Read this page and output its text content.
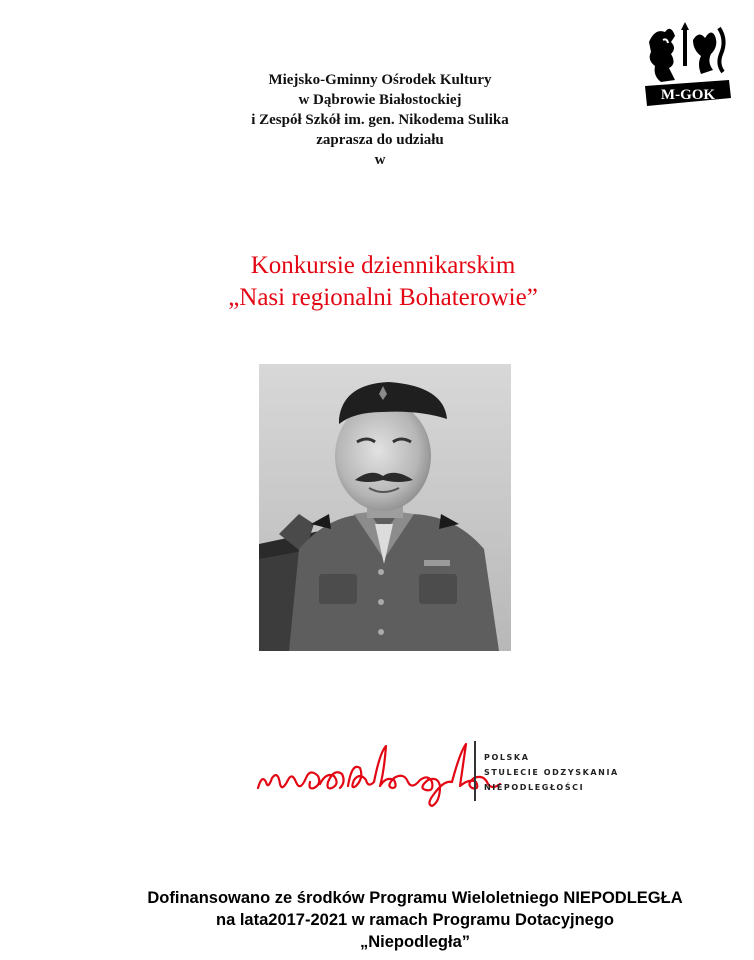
Miejsko-Gminny Ośrodek Kultury
w Dąbrowie Białostockiej
i Zespół Szkół im. gen. Nikodema Sulika
zaprasza do udziału
w
M-GOK
Konkursie dziennikarskim
„Nasi regionalni Bohaterowie”
POLSKA
STULECIE ODZYSKANIA
NIEPODLEGŁOŚCI
Dofinansowano ze środków Programu Wieloletniego NIEPODLEGŁA
na lata2017-2021 w ramach Programu Dotacyjnego
„Niepodległa”
